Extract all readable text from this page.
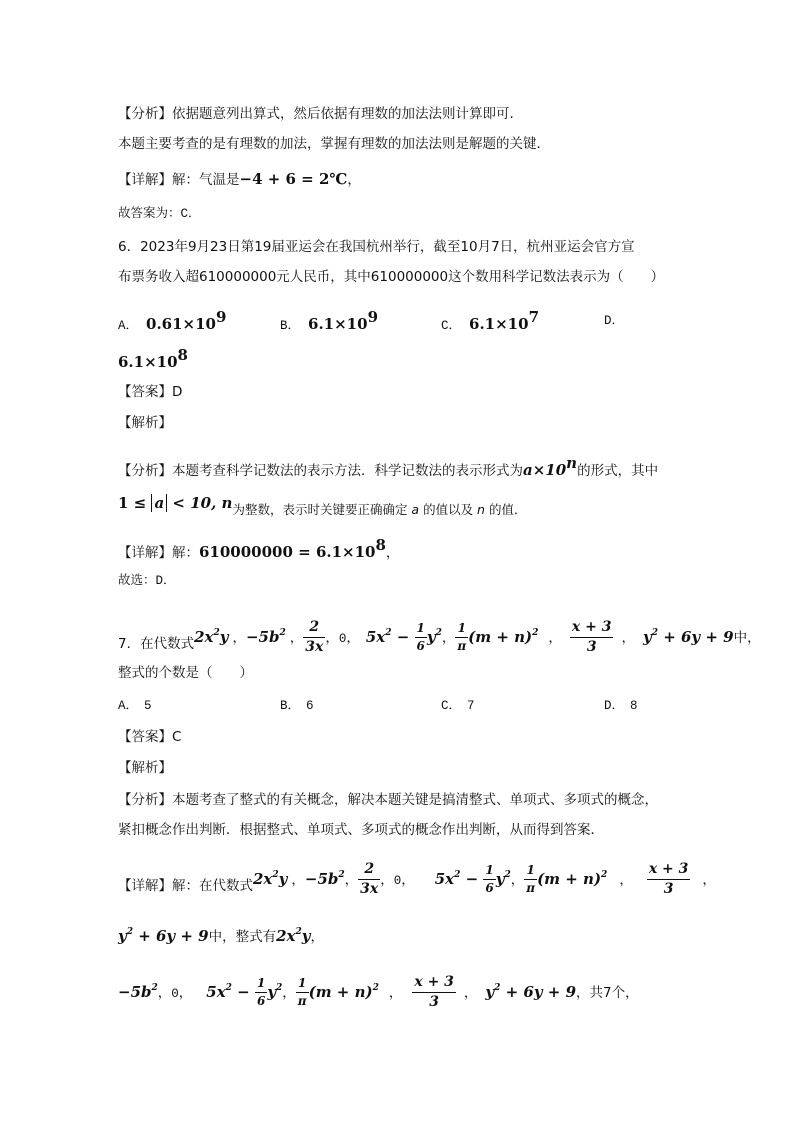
【分析】依据题意列出算式，然后依据有理数的加法法则计算即可．
本题主要考查的是有理数的加法，掌握有理数的加法法则是解题的关键．
【详解】解：气温是−4 + 6 = 2℃，
故答案为：C．
6．2023年9月23日第19届亚运会在我国杭州举行，截至10月7日，杭州亚运会官方宣
布票务收入超610000000元人民币，其中610000000这个数用科学记数法表示为（　　）
A． $0.61\times 10^9$	B． $6.1\times 10^9$	C． $6.1\times 10^7$	D．
$6.1\times 10^8$
【答案】D
【解析】
【分析】本题考查科学记数法的表示方法．科学记数法的表示形式为$a\times 10^n$的形式，其中
1 ≤ a < 10, n为整数，表示时关键要正确确定 a 的值以及 n 的值．
【详解】解：$610000000 = 6.1\times 10^8$，
故选：D．
7．在代数式$2x^2y$ ，$-5b^2$ ， $\frac{2}{3x}$ ，0， $5x^2 - \frac{1}{6} y^2$， $\frac{1}{\pi} (m + n)^2$ ， $\frac{x + 3}{3}$ ， $y^2 + 6y + 9$中，
整式的个数是（　　）
A． 5	B． 6	C． 7	D． 8
【答案】C
【解析】
【分析】本题考查了整式的有关概念，解决本题关键是搞清整式、单项式、多项式的概念，
紧扣概念作出判断．根据整式、单项式、多项式的概念作出判断，从而得到答案．
【详解】解：在代数式$2x^2y$ ，$-5b^2$， $\frac{2}{3x}$ ，0， $5x^2 - \frac{1}{6} y^2$， $\frac{1}{\pi} (m + n)^2$ ， $\frac{x + 3}{3}$ ，
$y^2 + 6y + 9$中，整式有$2x^2y$，
$-5b^2$，0， $5x^2 - \frac{1}{6} y^2$， $\frac{1}{\pi} (m + n)^2$ ， $\frac{x + 3}{3}$ ， $y^2 + 6y + 9$，共7个，
